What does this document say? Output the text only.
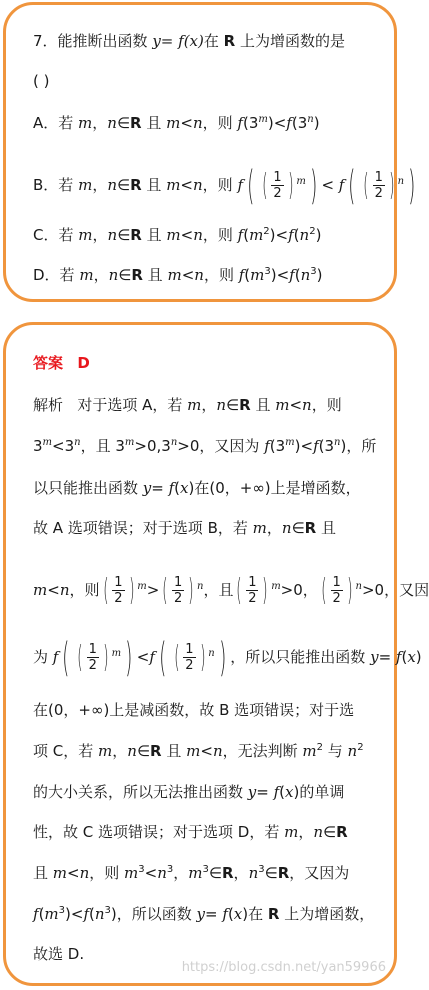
7．能推断出函数 y= f(x)在 R 上为增函数的是
( )
A．若 m，n∈R 且 m<n，则 $f(3^m)<f(3^n)$
B．若 m，n∈R 且 m<n，则 f ( ( $\frac{1}{2}$ ) $^m$ ) < f ( ( $\frac{1}{2}$ ) $^n$ )
C．若 m，n∈R 且 m<n，则 $f(m^2)<f(n^2)$
D．若 m，n∈R 且 m<n，则 $f(m^3)<f(n^3)$
答案 D
解析   对于选项 A，若 m，n∈R 且 m<n，则
$3^m<3^n$，且 $3^m>0,3^n>0$，又因为 $f(3^m)<f(3^n)$，所
以只能推出函数 y= f(x)在(0，+∞)上是增函数，
故 A 选项错误；对于选项 B，若 m，n∈R 且
m<n，则 ( $\frac{1}{2}$ ) $^m$> ( $\frac{1}{2}$ ) $^n$，且 ( $\frac{1}{2}$ ) $^m$>0， ( $\frac{1}{2}$ ) $^n$>0，又因
为 f ( ( $\frac{1}{2}$ ) $^m$ ) <f ( ( $\frac{1}{2}$ ) $^n$ ) ，所以只能推出函数 y= f(x)
在(0，+∞)上是减函数，故 B 选项错误；对于选
项 C，若 m，n∈R 且 m<n，无法判断 $m^2$ 与 $n^2$
的大小关系，所以无法推出函数 y= f(x)的单调
性，故 C 选项错误；对于选项 D，若 m，n∈R
且 m<n，则 $m^3<n^3$，$m^3\in R$，$n^3\in R$，又因为
$f(m^3)<f(n^3)$，所以函数 y= f(x)在 R 上为增函数，
故选 D.
https://blog.csdn.net/yan59966
